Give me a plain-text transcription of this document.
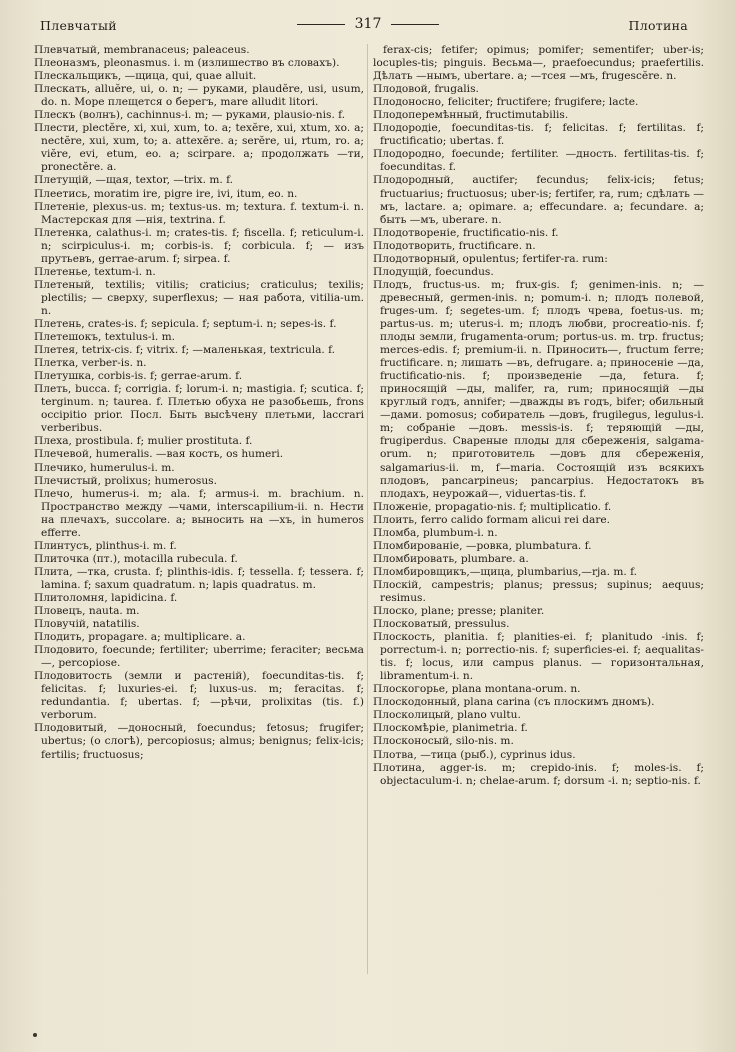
Плевчатый	317	Плотина

Плевчатый, membranaceus; paleaceus.

Плеоназмъ, pleonasmus. i. m (излишество въ словахъ).

Плескальщикъ, —щица, qui, quae alluit.

Плескать, alluĕre, ui, o. n; — руками, plaudĕre, usi, usum, do. n. Море плещется о берегъ, mare alludit litori.

Плескъ (волнъ), cachinnus-i. m; — руками, plausio-nis. f.

Плести, plectĕre, xi, xui, xum, to. a; texĕre, xui, xtum, xo. a; nectĕre, xui, xum, to; a. attexĕre. a; serĕre, ui, rtum, ro. a; viĕre, evi, etum, eo. a; scirpare. a; продолжать —ти, pronectĕre. a.

Плетущій, —щая, textor, —trix. m. f.

Плеетись, moratim ire, pigre ire, ivi, itum, eo. n.

Плетеніе, plexus-us. m; textus-us. m; textura. f. textum-i. n. Мастерская для —нія, textrina. f.

Плетенка, calathus-i. m; crates-tis. f; fiscella. f; reticulum-i. n; scirpiculus-i. m; corbis-is. f; corbicula. f; — изъ прутьевъ, gerrae-arum. f; sirpea. f.

Плетенье, textum-i. n.

Плетеный, textilis; vitilis; craticius; craticulus; texilis; plectilis; — сверху, superflexus; — ная работа, vitilia-um. n.

Плетень, crates-is. f; sepicula. f; septum-i. n; sepes-is. f.

Плетешокъ, textulus-i. m.

Плетея, tetrix-cis. f; vitrix. f; —маленькая, textricula. f.

Плетка, verber-is. n.

Плетушка, corbis-is. f; gerrae-arum. f.

Плеть, bucca. f; corrigia. f; lorum-i. n; mastigia. f; scutica. f; terginum. n; taurea. f. Плетью обуха не разобьешь, frons occipitio prior. Посл. Быть высѣчену плетьми, laccrari verberibus.

Плеха, prostibula. f; mulier prostituta. f.

Плечевой, humeralis. —вая кость, os humeri.

Плечико, humerulus-i. m.

Плечистый, prolixus; humerosus.

Плечо, humerus-i. m; ala. f; armus-i. m. brachium. n. Пространство между —чами, interscapilium-ii. n. Нести на плечахъ, succolare. a; выносить на —хъ, in humeros efferre.

Плинтусъ, plinthus-i. m. f.

Плиточка (пт.), motacilla rubecula. f.

Плита, —тка, crusta. f; plinthis-idis. f; tessella. f; tessera. f; lamina. f; saxum quadratum. n; lapis quadratus. m.

Плитоломня, lapidicina. f.

Пловецъ, nauta. m.

Пловучій, natatilis.

Плодить, propagare. a; multiplicare. a.

Плодовито, foecunde; fertiliter; uberrime; feraciter; весьма—, percopiose.

Плодовитость (земли и растеній), foecunditas-tis. f; felicitas. f; luxuries-ei. f; luxus-us. m; feracitas. f; redundantia. f; ubertas. f; —рѣчи, prolixitas (tis. f.) verborum.

Плодовитый, —доносный, foecundus; fetosus; frugifer; ubertus; (о слогѣ), percopiosus; almus; benignus; felix-icis; fertilis; fructuosus;

ferax-cis; fetifer; opimus; pomifer; sementifer; uber-is; locuples-tis; pinguis. Весьма—, praefoecundus; praefertilis. Дѣлать —нымъ, ubertare. a; —тсея —мъ, frugescĕre. n.

Плодовой, frugalis.

Плодоносно, feliciter; fructifere; frugifere; lacte.

Плодоперемѣнный, fructimutabilis.

Плодородіе, foecunditas-tis. f; felicitas. f; fertilitas. f; fructificatio; ubertas. f.

Плодородно, foecunde; fertiliter. —дность. fertilitas-tis. f; foecunditas. f.

Плодородный, auctifer; fecundus; felix-icis; fetus; fructuarius; fructuosus; uber-is; fertifer, ra, rum; сдѣлать —мъ, lactare. a; opimare. a; effecundare. a; fecundare. a; быть —мъ, uberare. n.

Плодотвореніе, fructificatio-nis. f.

Плодотворить, fructificare. n.

Плодотворный, opulentus; fertifer-ra. rum:

Плодущій, foecundus.

Плодъ, fructus-us. m; frux-gis. f; genimen-inis. n; — древесный, germen-inis. n; pomum-i. n; плодъ полевой, fruges-um. f; segetes-um. f; плодъ чрева, foetus-us. m; partus-us. m; uterus-i. m; плодъ любви, procreatio-nis. f; плоды земли, frugamenta-orum; portus-us. m. trp. fructus; merces-edis. f; premium-ii. n. Приносить—, fructum ferre; fructificare. n; лишать —въ, defrugare. a; приносеніе —да, fructificatio-nis. f; произведеніе —да, fetura. f; приносящій —ды, malifer, ra, rum; приносящій —ды круглый годъ, annifer; —дважды въ годъ, bifer; обильный —дами. pomosus; собиратель —довъ, frugilegus, legulus-i. m; собраніе —довъ. messis-is. f; теряющій —ды, frugiperdus. Свареные плоды для сбереженія, salgama-orum. n; приготовитель —довъ для сбереженія, salgamarius-ii. m, f—maria. Состоящій изъ всякихъ плодовъ, pancarpineus; pancarpius. Недостатокъ въ плодахъ, неурожай—, viduertas-tis. f.

Пложеніе, propagatio-nis. f; multiplicatio. f.

Плоить, ferro calido formam alicui rei dare.

Пломба, plumbum-i. n.

Пломбированіе, —ровка, plumbatura. f.

Пломбировать, plumbare. a.

Пломбировщикъ,—щица, plumbarius,—rja. m. f.

Плоскій, campestris; planus; pressus; supinus; aequus; resimus.

Плоско, plane; presse; planiter.

Плосковатый, pressulus.

Плоскость, planitia. f; planities-ei. f; planitudo -inis. f; porrectum-i. n; porrectio-nis. f; superficies-ei. f; aequalitas-tis. f; locus, или campus planus. — горизонтальная, libramentum-i. n.

Плоскогорье, plana montana-orum. n.

Плоскодонный, plana carina (съ плоскимъ дномъ).

Плосколицый, plano vultu.

Плоскомѣріе, planimetria. f.

Плосконосый, silo-nis. m.

Плотва, —тица (рыб.), cyprinus idus.

Плотина, agger-is. m; crepido-inis. f; moles-is. f; objectaculum-i. n; chelae-arum. f; dorsum -i. n; septio-nis. f.
